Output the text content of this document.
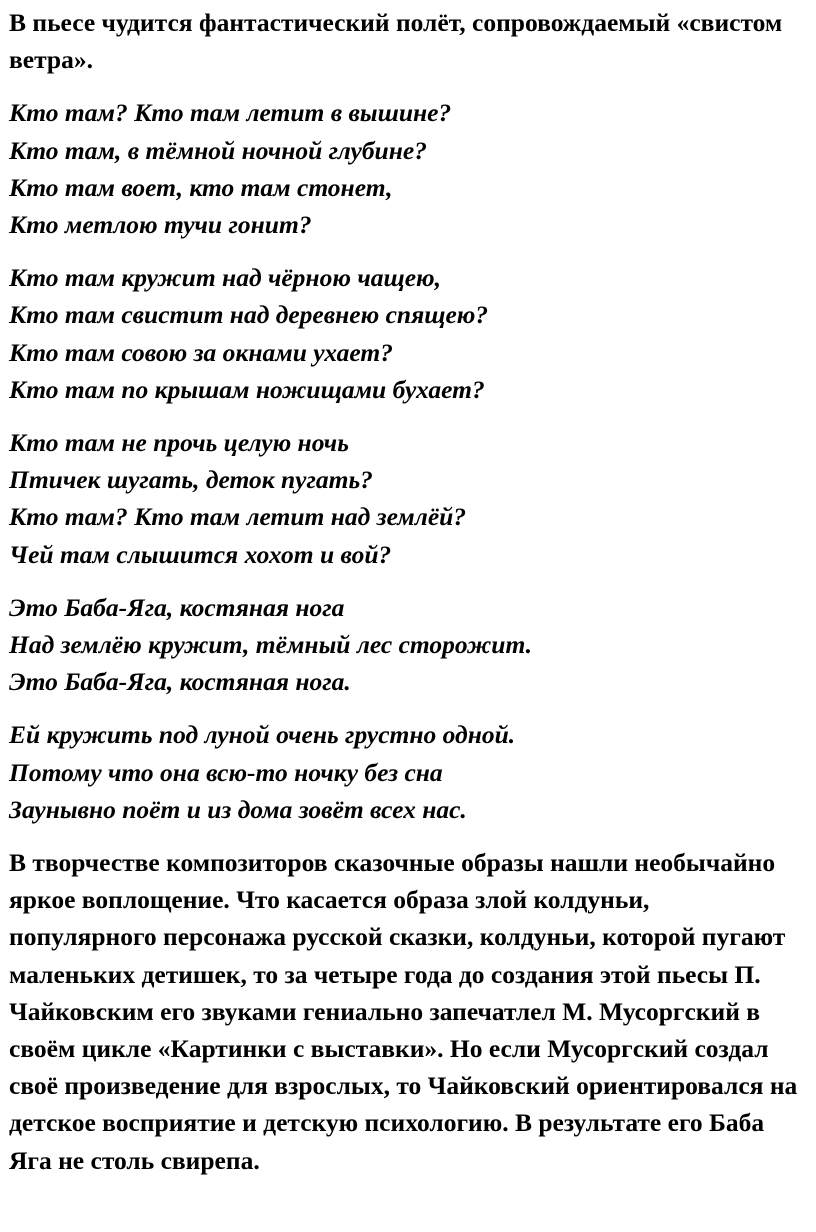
В пьесе чудится фантастический полёт, сопровождаемый «свистом ветра».

Кто там? Кто там летит в вышине?
Кто там, в тёмной ночной глубине?
Кто там воет, кто там стонет,
Кто метлою тучи гонит?
Кто там кружит над чёрною чащею,
Кто там свистит над деревнею спящею?
Кто там совою за окнами ухает?
Кто там по крышам ножищами бухает?
Кто там не прочь целую ночь
Птичек шугать, деток пугать?
Кто там? Кто там летит над землёй?
Чей там слышится хохот и вой?
Это Баба-Яга, костяная нога
Над землёю кружит, тёмный лес сторожит.
Это Баба-Яга, костяная нога.
Ей кружить под луной очень грустно одной.
Потому что она всю-то ночку без сна
Заунывно поёт и из дома зовёт всех нас.

В творчестве композиторов сказочные образы нашли необычайно яркое воплощение. Что касается образа злой колдуньи, популярного персонажа русской сказки, колдуньи, которой пугают маленьких детишек, то за четыре года до создания этой пьесы П. Чайковским его звуками гениально запечатлел М. Мусоргский в своём цикле «Картинки с выставки». Но если Мусоргский создал своё произведение для взрослых, то Чайковский ориентировался на детское восприятие и детскую психологию. В результате его Баба Яга не столь свирепа.
